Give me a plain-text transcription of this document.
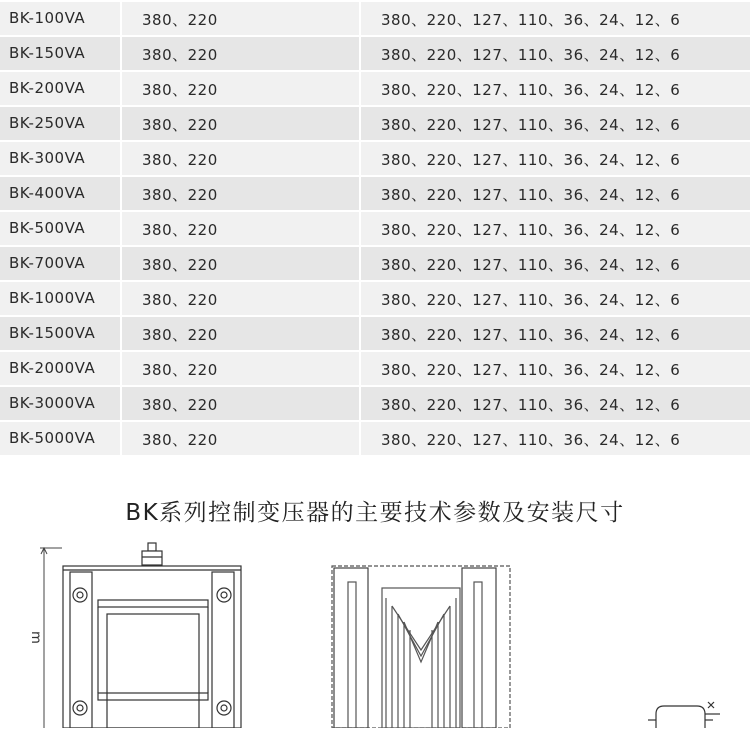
BK-100VA	380、220	380、220、127、110、36、24、12、6
BK-150VA	380、220	380、220、127、110、36、24、12、6
BK-200VA	380、220	380、220、127、110、36、24、12、6
BK-250VA	380、220	380、220、127、110、36、24、12、6
BK-300VA	380、220	380、220、127、110、36、24、12、6
BK-400VA	380、220	380、220、127、110、36、24、12、6
BK-500VA	380、220	380、220、127、110、36、24、12、6
BK-700VA	380、220	380、220、127、110、36、24、12、6
BK-1000VA	380、220	380、220、127、110、36、24、12、6
BK-1500VA	380、220	380、220、127、110、36、24、12、6
BK-2000VA	380、220	380、220、127、110、36、24、12、6
BK-3000VA	380、220	380、220、127、110、36、24、12、6
BK-5000VA	380、220	380、220、127、110、36、24、12、6
BK系列控制变压器的主要技术参数及安装尺寸
m
